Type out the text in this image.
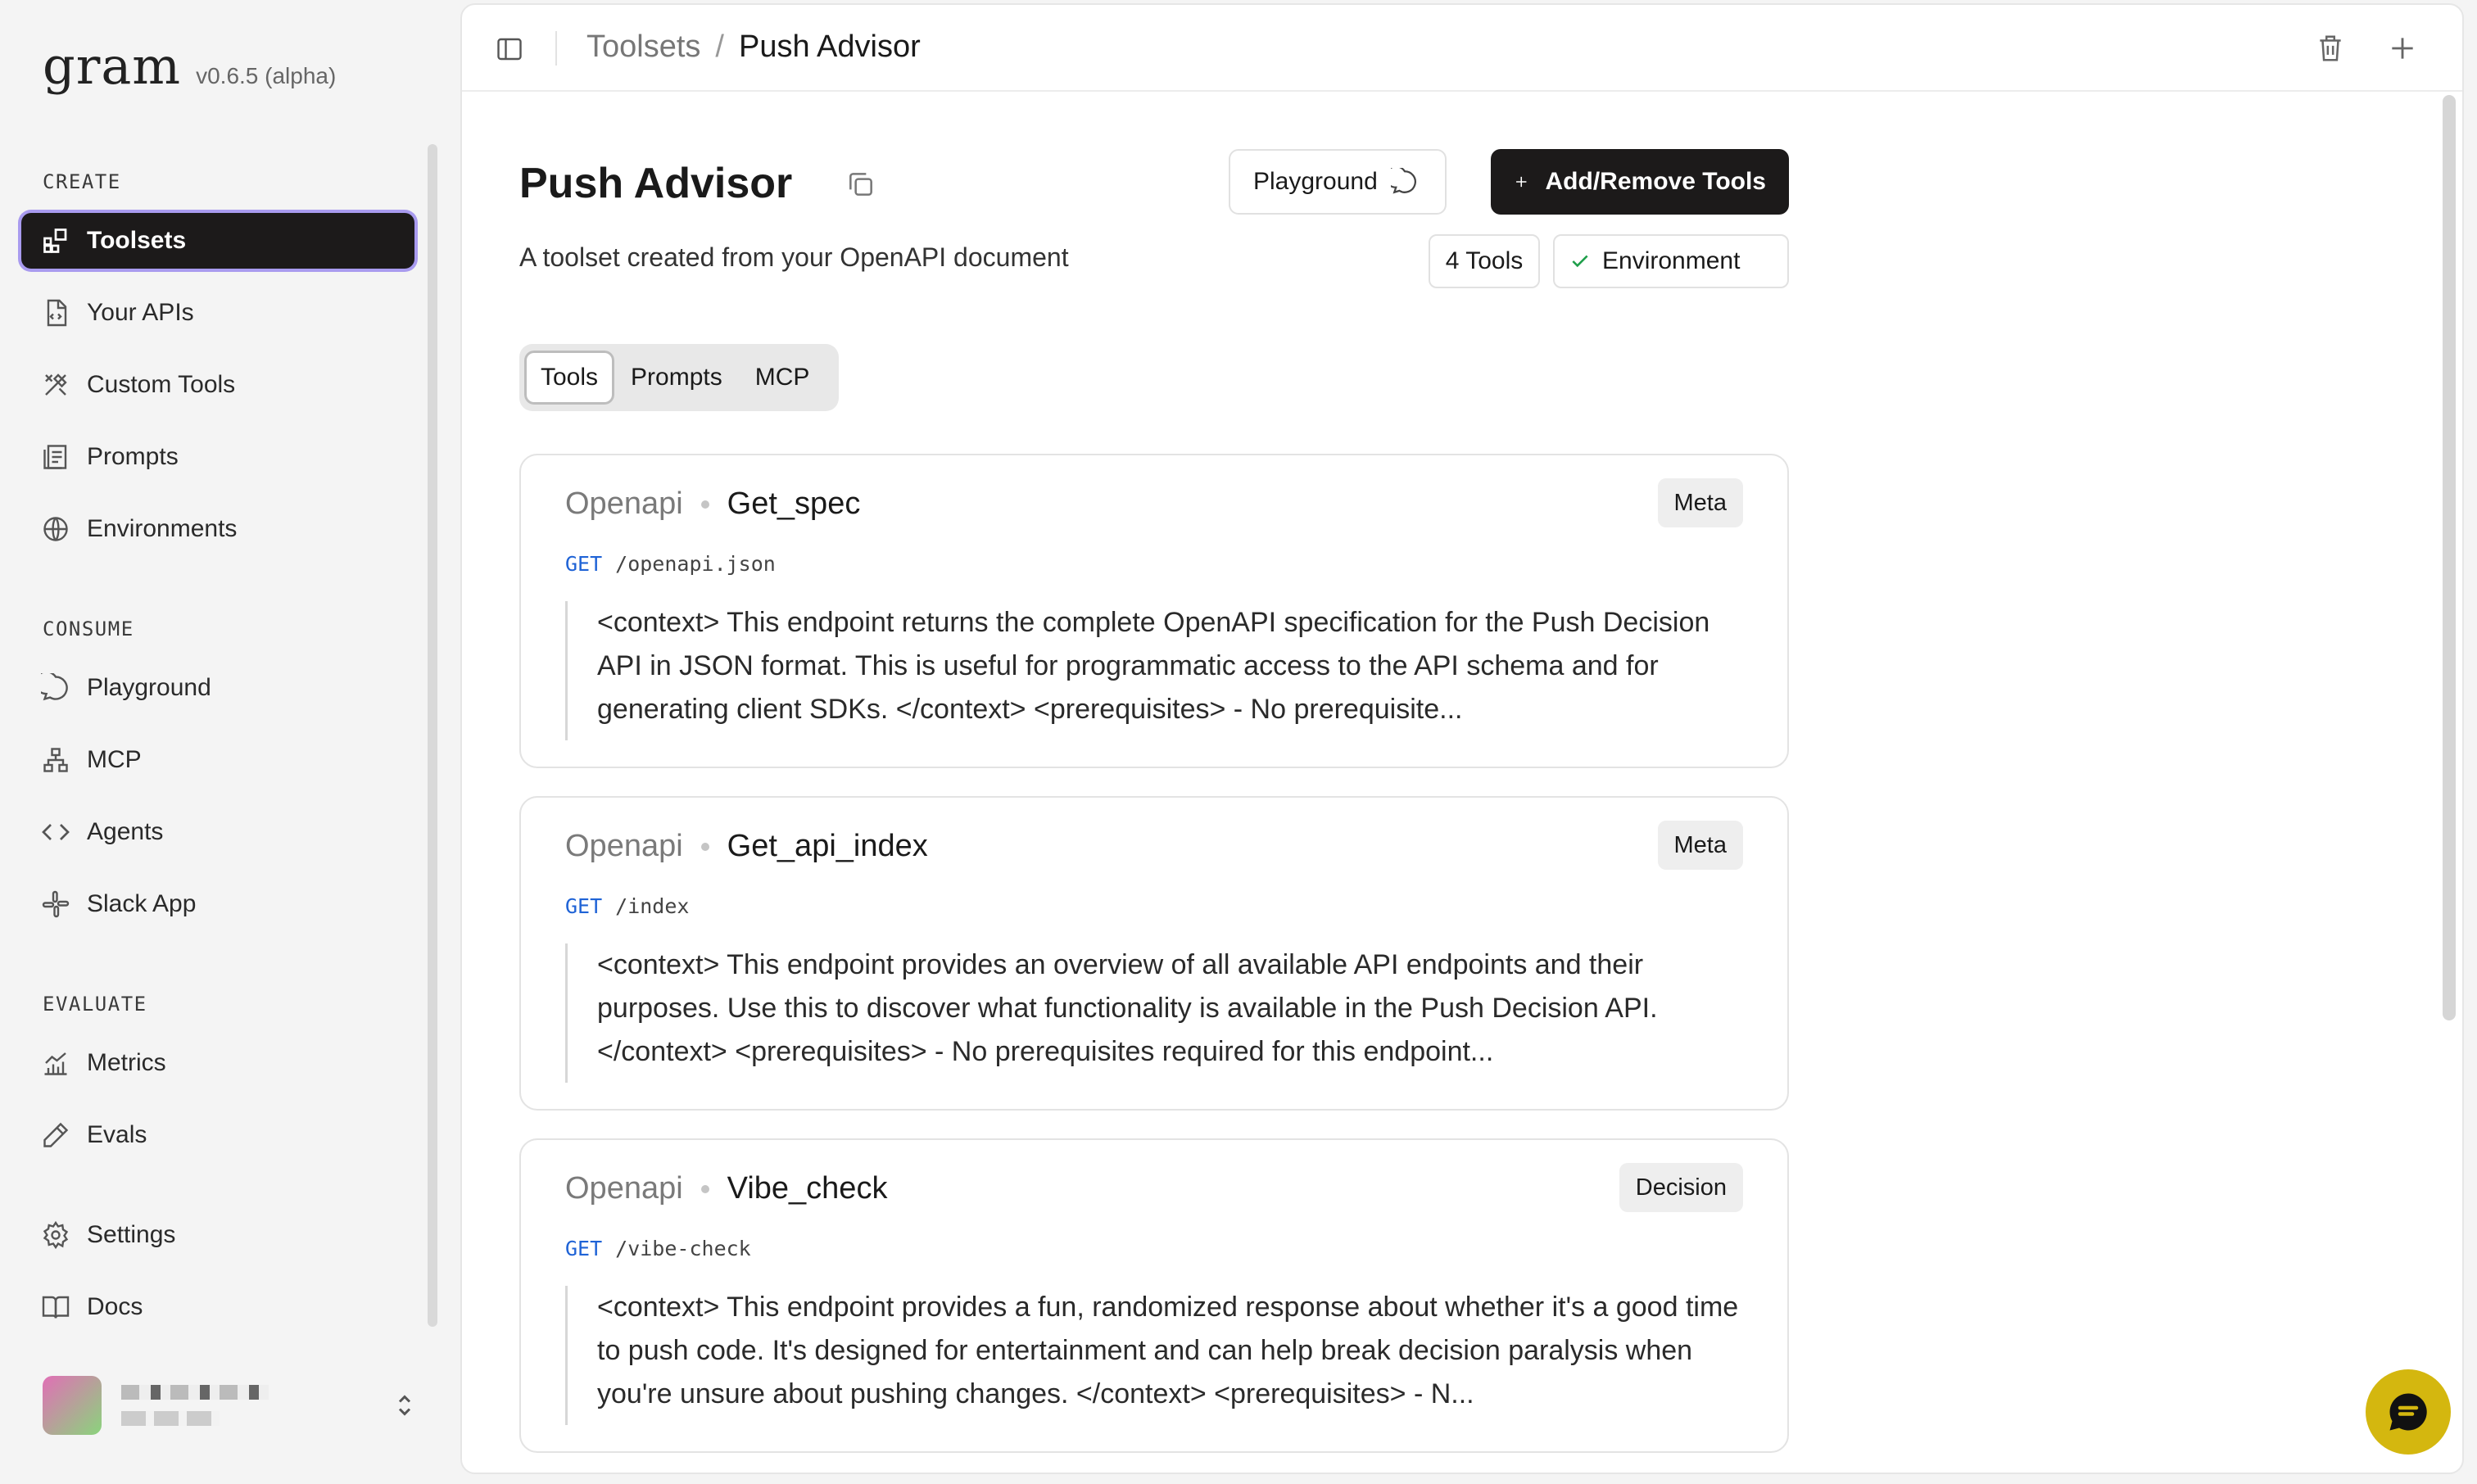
gram v0.6.5 (alpha)
CREATE
Toolsets
Your APIs
Custom Tools
Prompts
Environments
CONSUME
Playground
MCP
Agents
Slack App
EVALUATE
Metrics
Evals
Settings
Docs
Toolsets / Push Advisor
Push Advisor

A toolset created from your OpenAPI document

Playground	Add/Remove Tools
4 Tools	Environment
Tools	Prompts	MCP
Openapi Get_spec	Meta
GET /openapi.json
<context> This endpoint returns the complete OpenAPI specification for the Push Decision API in JSON format. This is useful for programmatic access to the API schema and for generating client SDKs. </context> <prerequisites> - No prerequisite...
Openapi Get_api_index	Meta
GET /index
<context> This endpoint provides an overview of all available API endpoints and their purposes. Use this to discover what functionality is available in the Push Decision API. </context> <prerequisites> - No prerequisites required for this endpoint...
Openapi Vibe_check	Decision
GET /vibe-check
<context> This endpoint provides a fun, randomized response about whether it's a good time to push code. It's designed for entertainment and can help break decision paralysis when you're unsure about pushing changes. </context> <prerequisites> - N...
